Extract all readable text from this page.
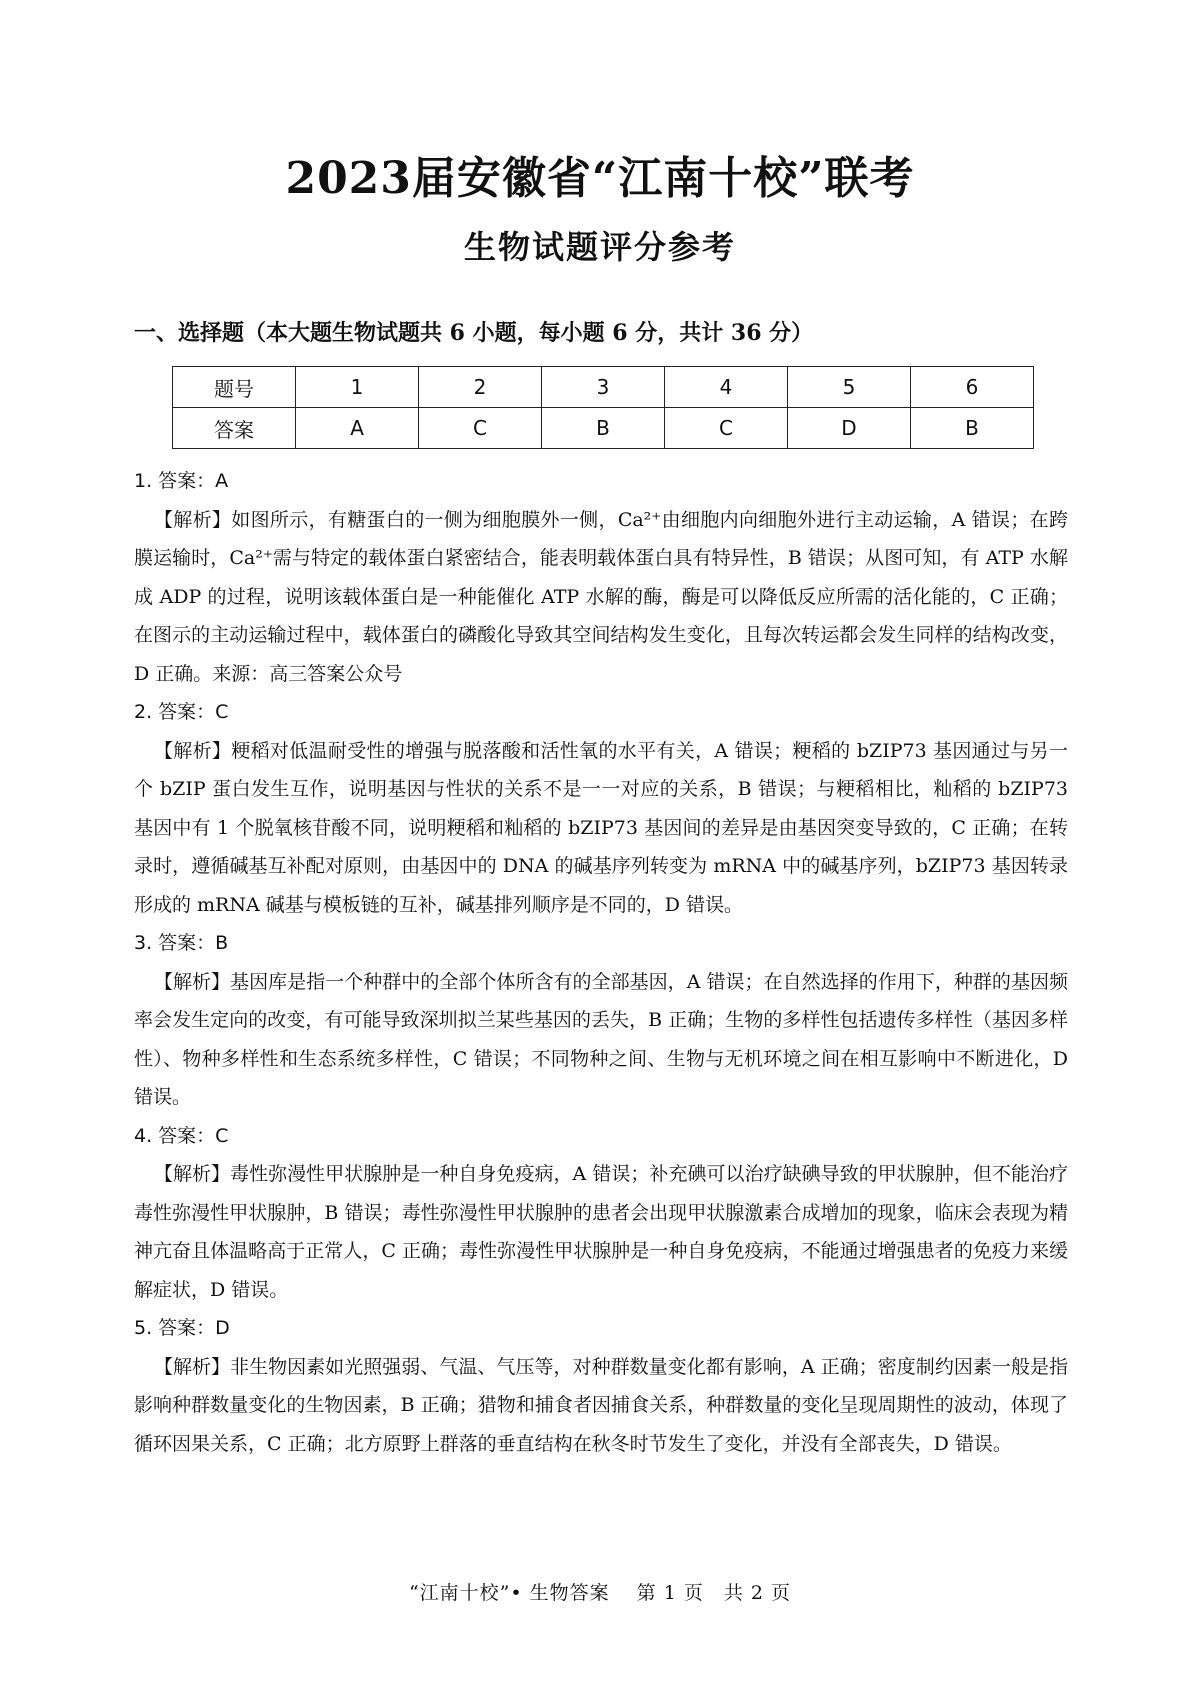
2023届安徽省“江南十校”联考
生物试题评分参考
一、选择题（本大题生物试题共 6 小题，每小题 6 分，共计 36 分）
题号	1	2	3	4	5	6
答案	A	C	B	C	D	B

1. 答案：A

【解析】如图所示，有糖蛋白的一侧为细胞膜外一侧，Ca²⁺由细胞内向细胞外进行主动运输，A 错误；在跨膜运输时，Ca²⁺需与特定的载体蛋白紧密结合，能表明载体蛋白具有特异性，B 错误；从图可知，有 ATP 水解成 ADP 的过程，说明该载体蛋白是一种能催化 ATP 水解的酶，酶是可以降低反应所需的活化能的，C 正确；在图示的主动运输过程中，载体蛋白的磷酸化导致其空间结构发生变化，且每次转运都会发生同样的结构改变，D 正确。来源：高三答案公众号

2. 答案：C

【解析】粳稻对低温耐受性的增强与脱落酸和活性氧的水平有关，A 错误；粳稻的 bZIP73 基因通过与另一个 bZIP 蛋白发生互作，说明基因与性状的关系不是一一对应的关系，B 错误；与粳稻相比，籼稻的 bZIP73 基因中有 1 个脱氧核苷酸不同，说明粳稻和籼稻的 bZIP73 基因间的差异是由基因突变导致的，C 正确；在转录时，遵循碱基互补配对原则，由基因中的 DNA 的碱基序列转变为 mRNA 中的碱基序列，bZIP73 基因转录形成的 mRNA 碱基与模板链的互补，碱基排列顺序是不同的，D 错误。

3. 答案：B

【解析】基因库是指一个种群中的全部个体所含有的全部基因，A 错误；在自然选择的作用下，种群的基因频率会发生定向的改变，有可能导致深圳拟兰某些基因的丢失，B 正确；生物的多样性包括遗传多样性（基因多样性）、物种多样性和生态系统多样性，C 错误；不同物种之间、生物与无机环境之间在相互影响中不断进化，D 错误。

4. 答案：C

【解析】毒性弥漫性甲状腺肿是一种自身免疫病，A 错误；补充碘可以治疗缺碘导致的甲状腺肿，但不能治疗毒性弥漫性甲状腺肿，B 错误；毒性弥漫性甲状腺肿的患者会出现甲状腺激素合成增加的现象，临床会表现为精神亢奋且体温略高于正常人，C 正确；毒性弥漫性甲状腺肿是一种自身免疫病，不能通过增强患者的免疫力来缓解症状，D 错误。

5. 答案：D

【解析】非生物因素如光照强弱、气温、气压等，对种群数量变化都有影响，A 正确；密度制约因素一般是指影响种群数量变化的生物因素，B 正确；猎物和捕食者因捕食关系，种群数量的变化呈现周期性的波动，体现了循环因果关系，C 正确；北方原野上群落的垂直结构在秋冬时节发生了变化，并没有全部丧失，D 错误。

“江南十校”• 生物答案　 第 1 页　共 2 页
